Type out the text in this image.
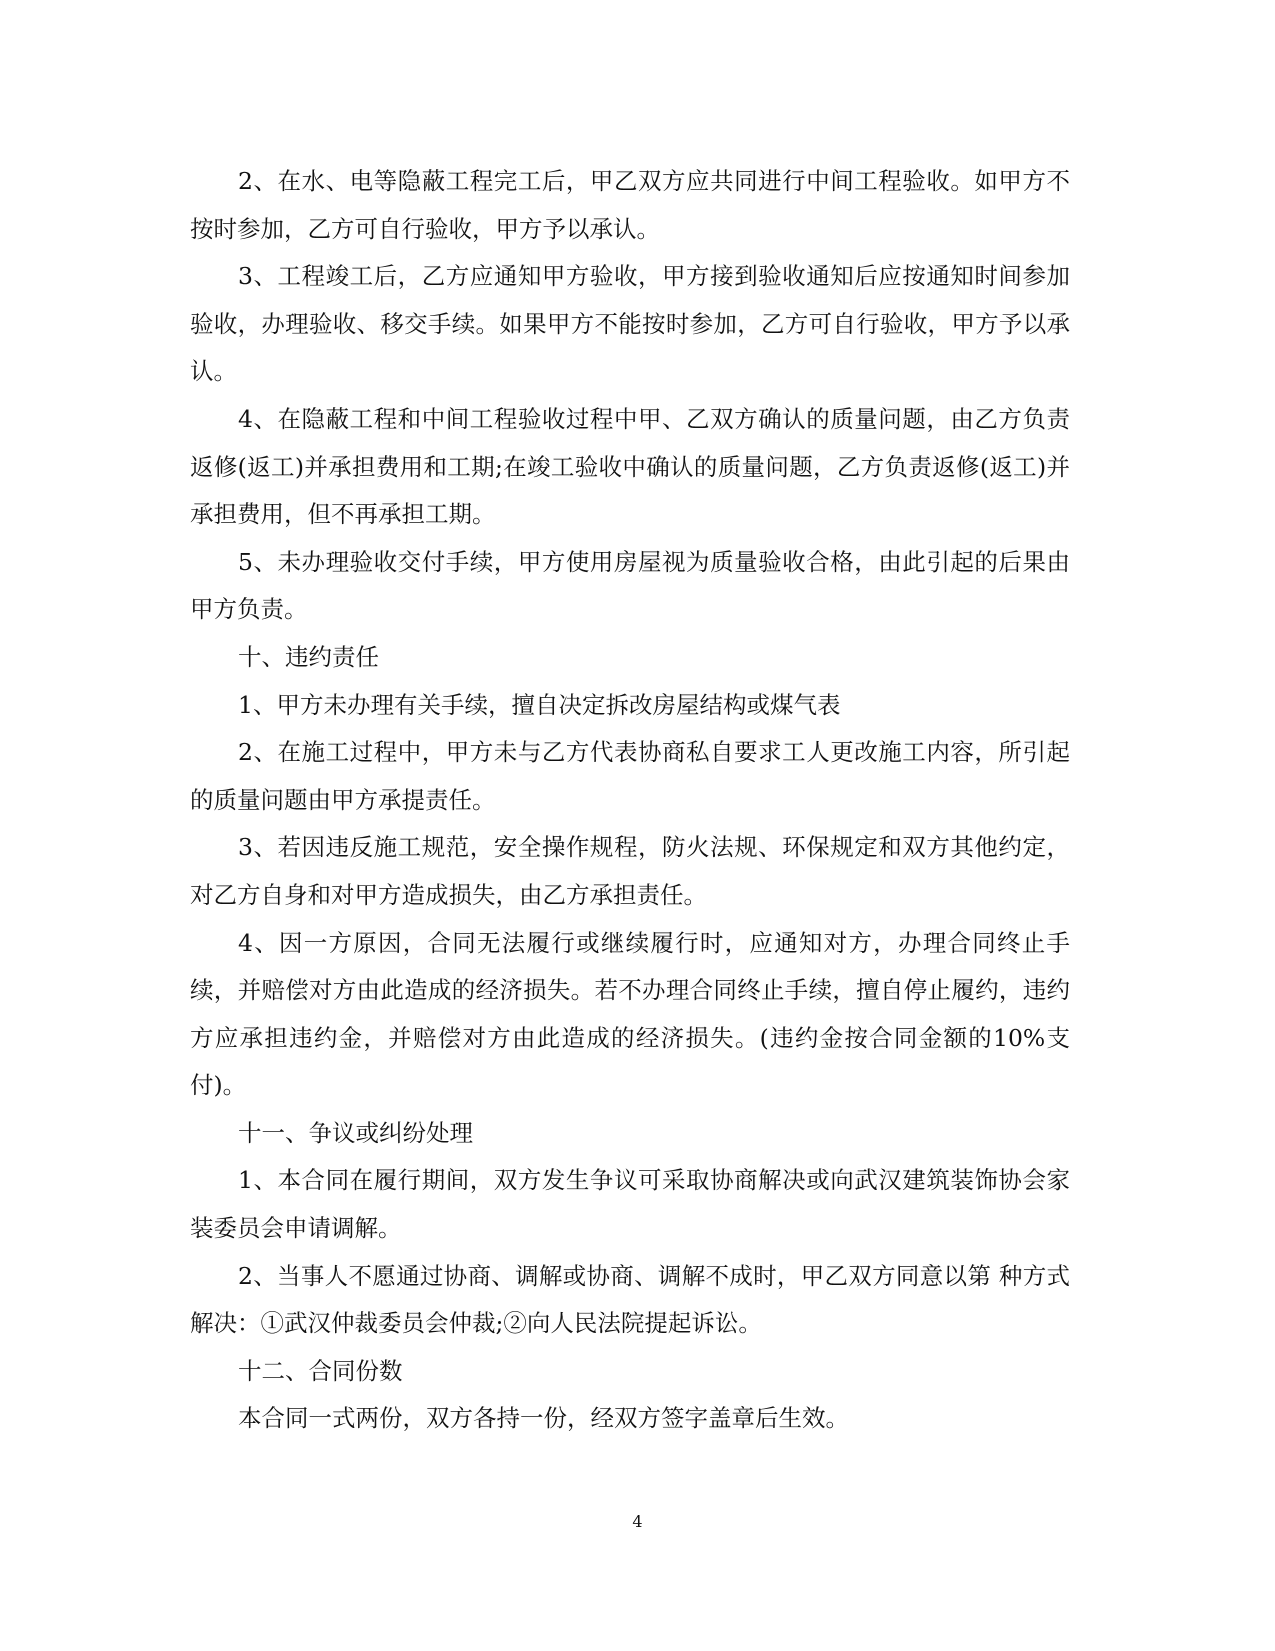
2、在水、电等隐蔽工程完工后，甲乙双方应共同进行中间工程验收。如甲方不按时参加，乙方可自行验收，甲方予以承认。

3、工程竣工后，乙方应通知甲方验收，甲方接到验收通知后应按通知时间参加验收，办理验收、移交手续。如果甲方不能按时参加，乙方可自行验收，甲方予以承认。

4、在隐蔽工程和中间工程验收过程中甲、乙双方确认的质量问题，由乙方负责返修(返工)并承担费用和工期;在竣工验收中确认的质量问题，乙方负责返修(返工)并承担费用，但不再承担工期。

5、未办理验收交付手续，甲方使用房屋视为质量验收合格，由此引起的后果由甲方负责。

十、违约责任

1、甲方未办理有关手续，擅自决定拆改房屋结构或煤气表

2、在施工过程中，甲方未与乙方代表协商私自要求工人更改施工内容，所引起的质量问题由甲方承提责任。

3、若因违反施工规范，安全操作规程，防火法规、环保规定和双方其他约定，对乙方自身和对甲方造成损失，由乙方承担责任。

4、因一方原因，合同无法履行或继续履行时，应通知对方，办理合同终止手续，并赔偿对方由此造成的经济损失。若不办理合同终止手续，擅自停止履约，违约方应承担违约金，并赔偿对方由此造成的经济损失。(违约金按合同金额的10%支付)。

十一、争议或纠纷处理

1、本合同在履行期间，双方发生争议可采取协商解决或向武汉建筑装饰协会家装委员会申请调解。

2、当事人不愿通过协商、调解或协商、调解不成时，甲乙双方同意以第 种方式解决：①武汉仲裁委员会仲裁;②向人民法院提起诉讼。

十二、合同份数

本合同一式两份，双方各持一份，经双方签字盖章后生效。

4
